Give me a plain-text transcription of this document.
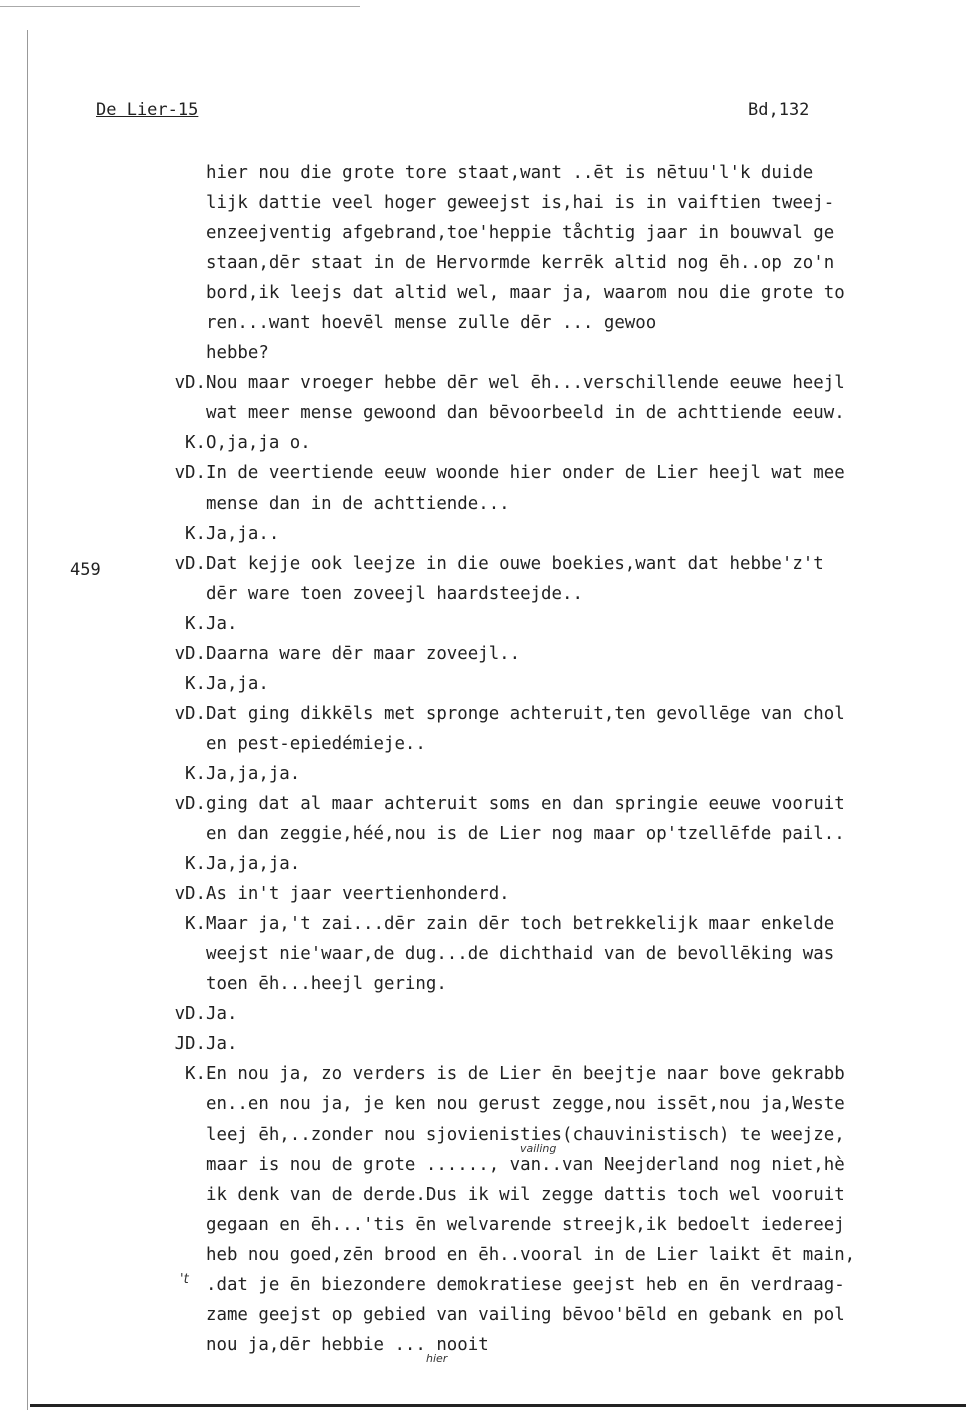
De Lier-15	Bd,132
459
hier nou die grote tore staat,want ..ēt is nētuu'l'k duide
lijk dattie veel hoger geweejst is,hai is in vaiftien tweej-
enzeejventig afgebrand,toe'heppie tåchtig jaar in bouwval ge
staan,dēr staat in de Hervormde kerrēk altid nog ēh..op zo'n
bord,ik leejs dat altid wel, maar ja, waarom nou die grote to
ren...want hoevēl mense zulle dēr ... gewoo
hebbe?
vD. Nou maar vroeger hebbe dēr wel ēh...verschillende eeuwe heejl
wat meer mense gewoond dan bēvoorbeeld in de achttiende eeuw.
K. O,ja,ja o.
vD. In de veertiende eeuw woonde hier onder de Lier heejl wat mee
mense dan in de achttiende...
K. Ja,ja..
vD. Dat kejje ook leejze in die ouwe boekies,want dat hebbe'z't
dēr ware toen zoveejl haardsteejde..
K. Ja.
vD. Daarna ware dēr maar zoveejl..
K. Ja,ja.
vD. Dat ging dikkēls met spronge achteruit,ten gevollēge van chol
en pest-epiedémieje..
K. Ja,ja,ja.
vD. ging dat al maar achteruit soms en dan springie eeuwe vooruit
en dan zeggie,héé,nou is de Lier nog maar op'tzellēfde pail..
K. Ja,ja,ja.
vD. As in't jaar veertienhonderd.
K. Maar ja,'t zai...dēr zain dēr toch betrekkelijk maar enkelde
weejst nie'waar,de dug...de dichthaid van de bevollēking was
toen ēh...heejl gering.
vD. Ja.
JD. Ja.
K. En nou ja, zo verders is de Lier ēn beejtje naar bove gekrabb
en..en nou ja, je ken nou gerust zegge,nou issēt,nou ja,Weste
leej ēh,..zonder nou sjovienisties(chauvinistisch) te weejze,
maar is nou de grote ......, van..van Neejderland nog niet,hè
ik denk van de derde.Dus ik wil zegge dattis toch wel vooruit
gegaan en ēh...'tis ēn welvarende streejk,ik bedoelt iedereej
heb nou goed,zēn brood en ēh..vooral in de Lier laikt ēt main,
.dat je ēn biezondere demokratiese geejst heb en ēn verdraag-
zame geejst op gebied van vailing bēvoo'bēld en gebank en pol
nou ja,dēr hebbie ... nooit
vailing
hier
't
